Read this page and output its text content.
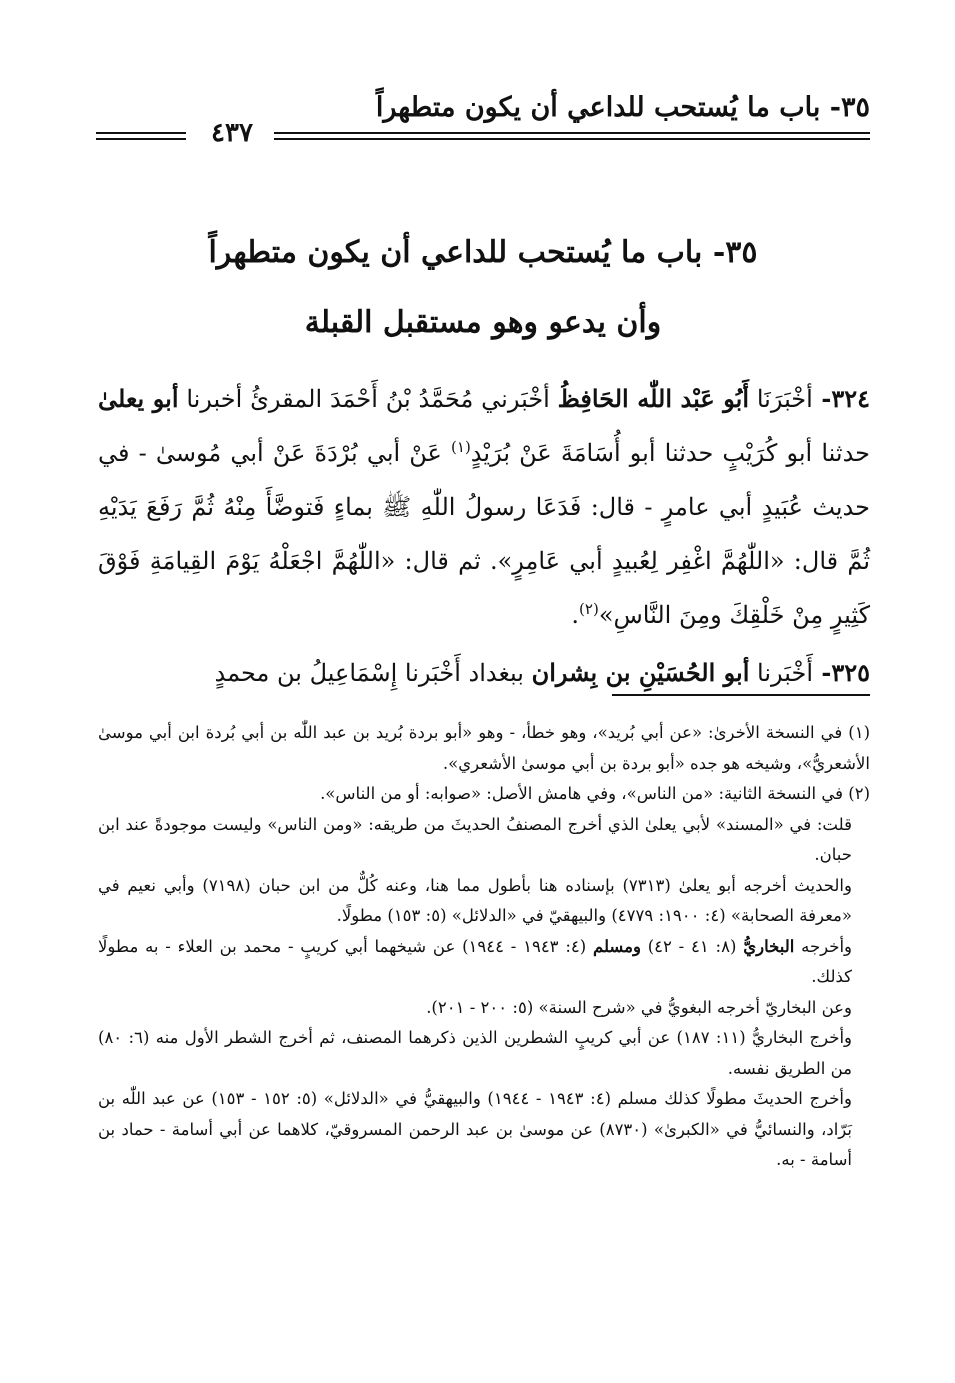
٣٥- باب ما يُستحب للداعي أن يكون متطهراً
٤٣٧
٣٥- باب ما يُستحب للداعي أن يكون متطهراً
وأن يدعو وهو مستقبل القبلة

٣٢٤- أخْبَرَنَا أَبُو عَبْد اللّٰه الحَافِظُ أخْبَرني مُحَمَّدُ بْنُ أَحْمَدَ المقرئُ أخبرنا أبو يعلىٰ حدثنا أبو كُرَيْبٍ حدثنا أبو أُسَامَةَ عَنْ بُرَيْدٍ$^{(١)}$ عَنْ أبي بُرْدَةَ عَنْ أبي مُوسىٰ - في حديث عُبَيدٍ أبي عامرٍ - قال: فَدَعَا رسولُ اللّٰهِ ﷺ بماءٍ فَتوضَّأَ مِنْهُ ثُمَّ رَفَعَ يَدَيْهِ ثُمَّ قال: «اللّٰهُمَّ اغْفِر لِعُبيدٍ أبي عَامِرٍ». ثم قال: «اللّٰهُمَّ اجْعَلْهُ يَوْمَ القِيامَةِ فَوْقَ كَثِيرٍ مِنْ خَلْقِكَ ومِنَ النَّاسِ»$^{(٢)}$.

٣٢٥- أَخْبَرنا أبو الحُسَيْنِ بن بِشران ببغداد أَخْبَرنا إِسْمَاعِيلُ بن محمدٍ

(١) في النسخة الأخرىٰ: «عن أبي بُريد»، وهو خطأ، - وهو «أبو بردة بُريد بن عبد اللّٰه بن أبي بُردة ابن أبي موسىٰ الأشعريُّ»، وشيخه هو جده «أبو بردة بن أبي موسىٰ الأشعري».

(٢) في النسخة الثانية: «من الناس»، وفي هامش الأصل: «صوابه: أو من الناس».

قلت: في «المسند» لأبي يعلىٰ الذي أخرج المصنفُ الحديثَ من طريقه: «ومن الناس» وليست موجودةً عند ابن حبان.

والحديث أخرجه أبو يعلىٰ (٧٣١٣) بإسناده هنا بأطول مما هنا، وعنه كُلٌّ من ابن حبان (٧١٩٨) وأبي نعيم في «معرفة الصحابة» (٤: ١٩٠٠: ٤٧٧٩) والبيهقيّ في «الدلائل» (٥: ١٥٣) مطولًا.

وأخرجه البخاريُّ (٨: ٤١ - ٤٢) ومسلم (٤: ١٩٤٣ - ١٩٤٤) عن شيخهما أبي كريبٍ - محمد بن العلاء - به مطولًا كذلك.

وعن البخاريّ أخرجه البغويُّ في «شرح السنة» (٥: ٢٠٠ - ٢٠١).

وأخرج البخاريُّ (١١: ١٨٧) عن أبي كريبٍ الشطرين الذين ذكرهما المصنف، ثم أخرج الشطر الأول منه (٦: ٨٠) من الطريق نفسه.

وأخرج الحديثَ مطولًا كذلك مسلم (٤: ١٩٤٣ - ١٩٤٤) والبيهقيُّ في «الدلائل» (٥: ١٥٢ - ١٥٣) عن عبد اللّٰه بن بَرّاد، والنسائيُّ في «الكبرىٰ» (٨٧٣٠) عن موسىٰ بن عبد الرحمن المسروقيّ، كلاهما عن أبي أسامة - حماد بن أسامة - به.
